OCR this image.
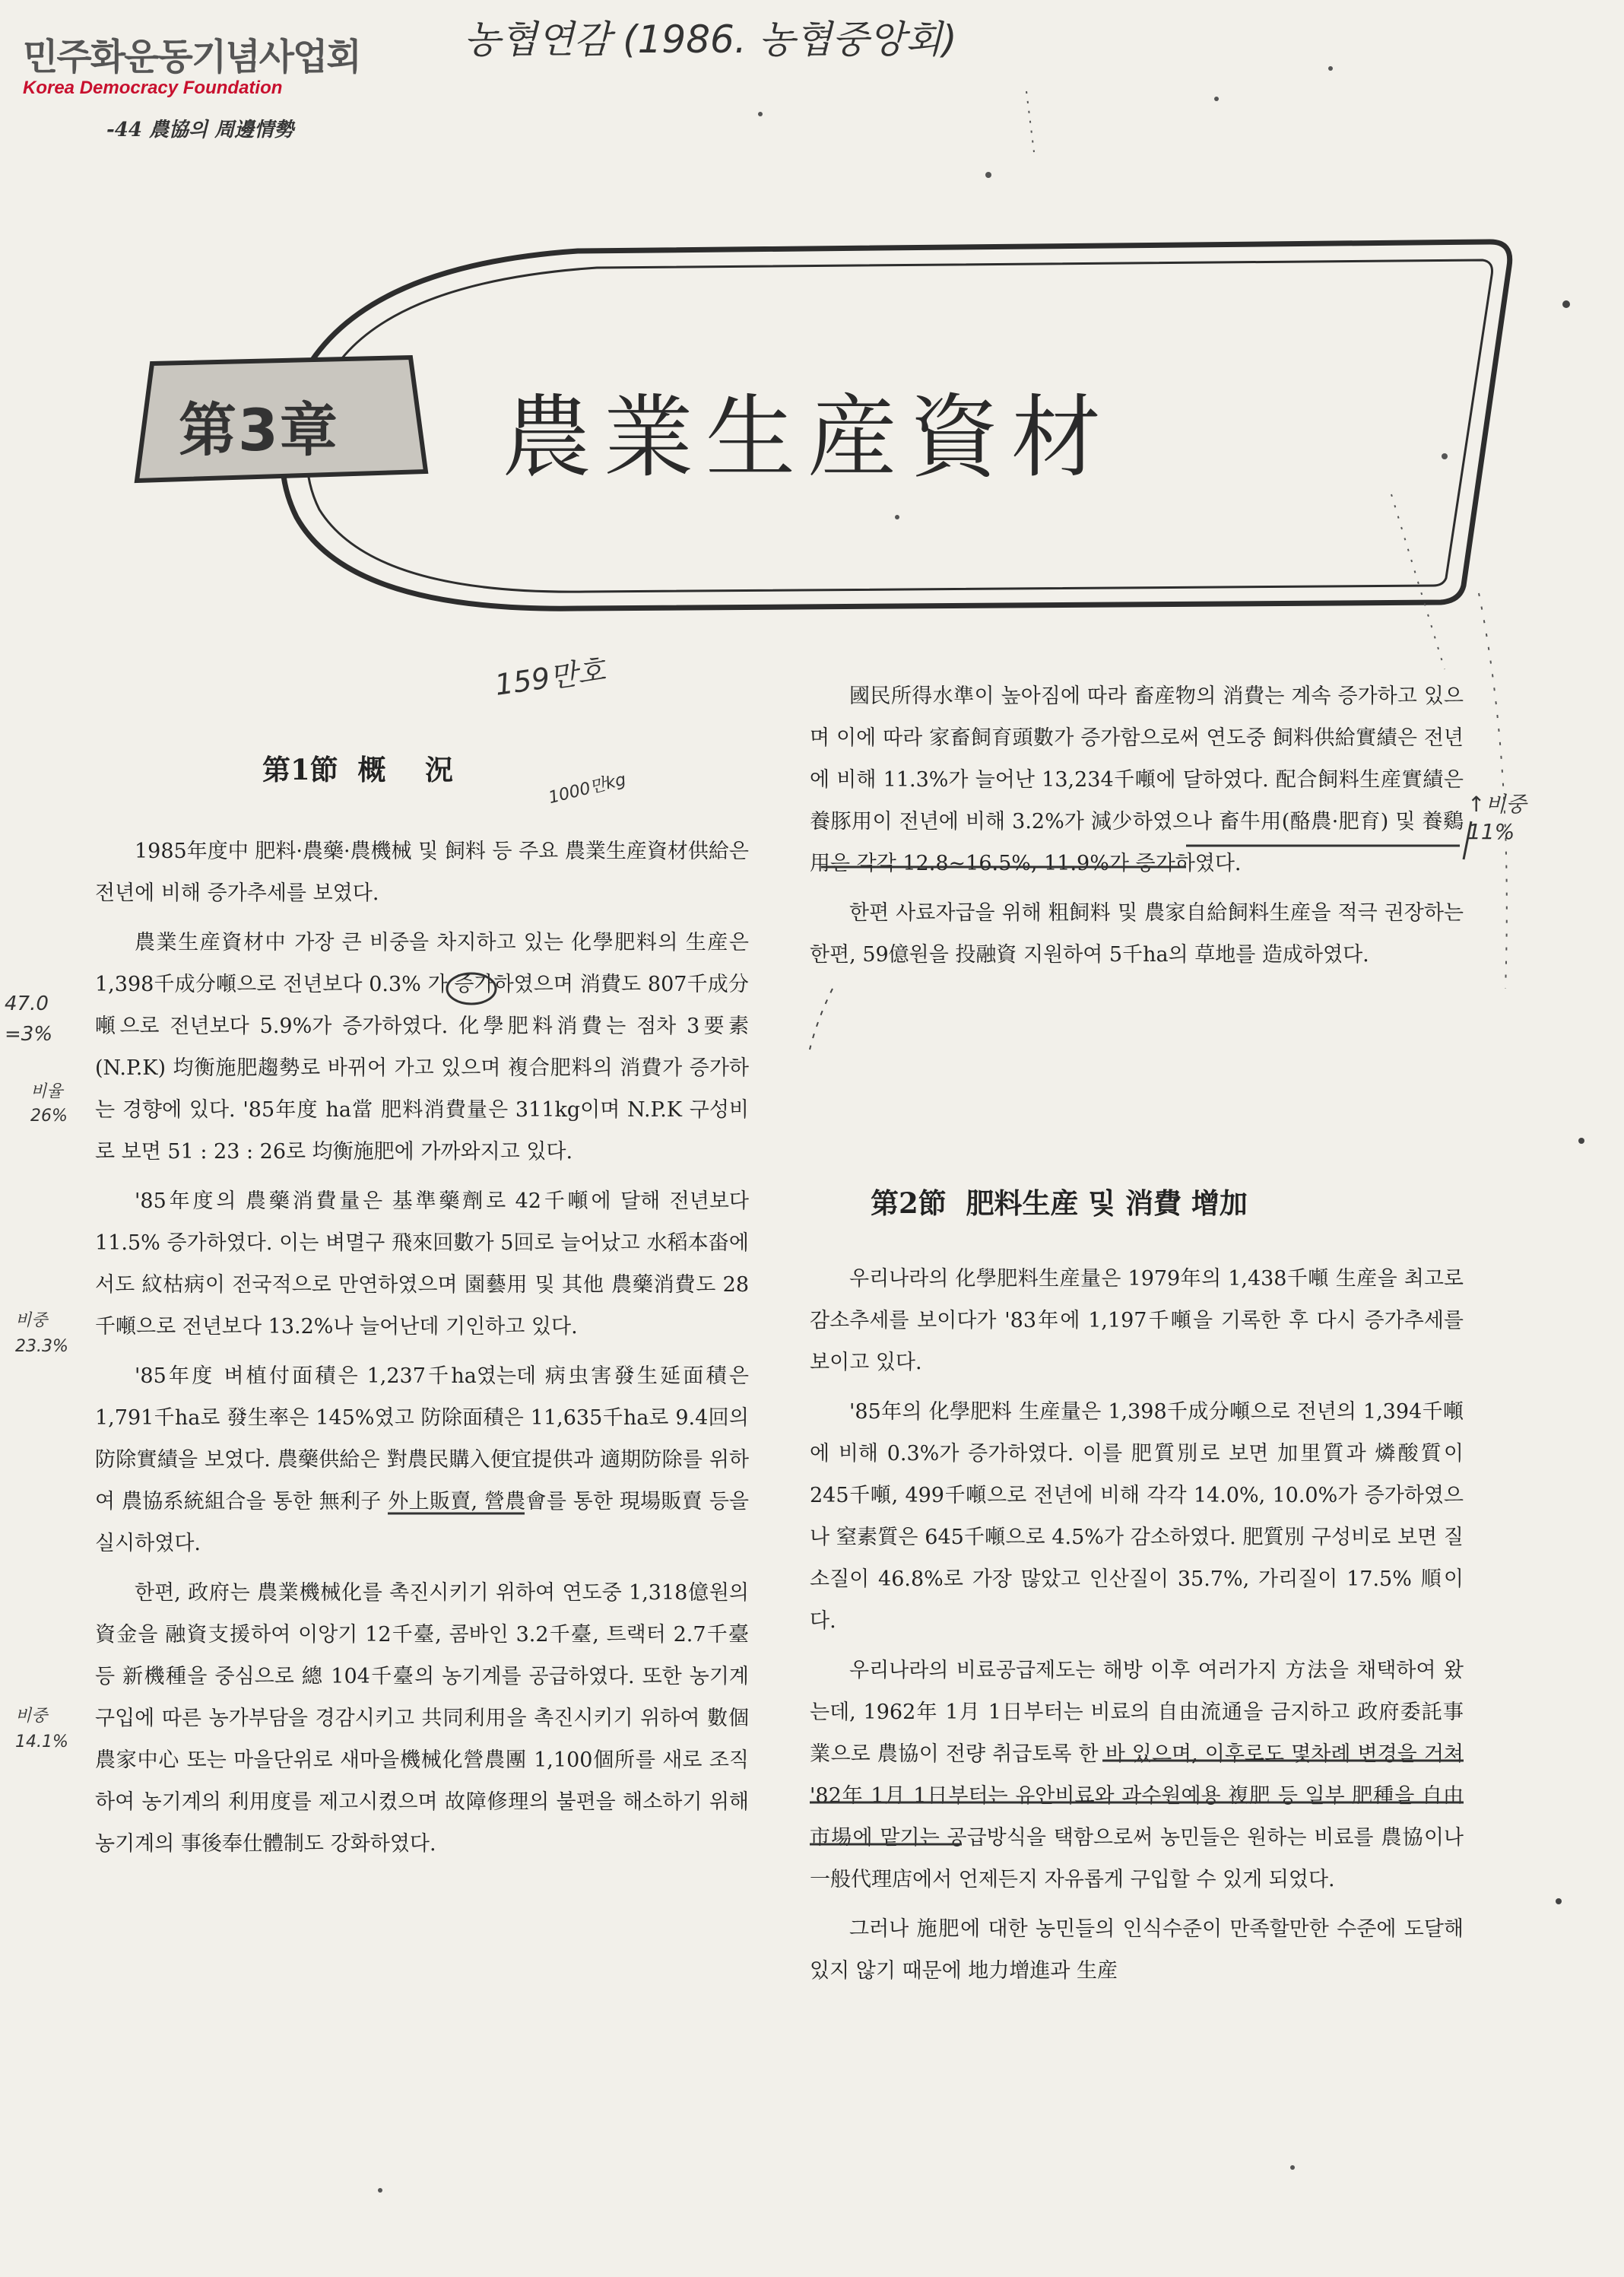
민주화운동기념사업회
Korea Democracy Foundation
농협연감 (1986. 농협중앙회)
-44 農協의 周邊情勢
第3章 農業生産資材
第1節  概    況

1985年度中 肥料·農藥·農機械 및 飼料 등 주요 農業生産資材供給은 전년에 비해 증가추세를 보였다.

農業生産資材中 가장 큰 비중을 차지하고 있는 化學肥料의 生産은 1,398千成分噸으로 전년보다 0.3% 가 증가하였으며 消費도 807千成分噸으로 전년보다 5.9%가 증가하였다. 化學肥料消費는 점차 3要素(N.P.K) 均衡施肥趨勢로 바뀌어 가고 있으며 複合肥料의 消費가 증가하는 경향에 있다. '85年度 ha當 肥料消費量은 311kg이며 N.P.K 구성비로 보면 51 : 23 : 26로 均衡施肥에 가까와지고 있다.

'85年度의 農藥消費量은 基準藥劑로 42千噸에 달해 전년보다 11.5% 증가하였다. 이는 벼멸구 飛來回數가 5回로 늘어났고 水稻本畓에서도 紋枯病이 전국적으로 만연하였으며 園藝用 및 其他 農藥消費도 28千噸으로 전년보다 13.2%나 늘어난데 기인하고 있다.

'85年度 벼植付面積은 1,237千ha였는데 病虫害發生延面積은 1,791千ha로 發生率은 145%였고 防除面積은 11,635千ha로 9.4回의 防除實績을 보였다. 農藥供給은 對農民購入便宜提供과 適期防除를 위하여 農協系統組合을 통한 無利子 外上販賣, 營農會를 통한 現場販賣 등을 실시하였다.

한편, 政府는 農業機械化를 촉진시키기 위하여 연도중 1,318億원의 資金을 融資支援하여 이앙기 12千臺, 콤바인 3.2千臺, 트랙터 2.7千臺 등 新機種을 중심으로 總 104千臺의 농기계를 공급하였다. 또한 농기계구입에 따른 농가부담을 경감시키고 共同利用을 촉진시키기 위하여 數個農家中心 또는 마을단위로 새마을機械化營農團 1,100個所를 새로 조직하여 농기계의 利用度를 제고시켰으며 故障修理의 불편을 해소하기 위해 농기계의 事後奉仕體制도 강화하였다.

國民所得水準이 높아짐에 따라 畜産物의 消費는 계속 증가하고 있으며 이에 따라 家畜飼育頭數가 증가함으로써 연도중 飼料供給實績은 전년에 비해 11.3%가 늘어난 13,234千噸에 달하였다. 配合飼料生産實績은 養豚用이 전년에 비해 3.2%가 減少하였으나 畜牛用(酪農·肥育) 및 養鷄用은 각각 12.8~16.5%, 11.9%가 증가하였다.

한편 사료자급을 위해 粗飼料 및 農家自給飼料生産을 적극 권장하는 한편, 59億원을 投融資 지원하여 5千ha의 草地를 造成하였다.

第2節  肥料生産 및 消費 增加

우리나라의 化學肥料生産量은 1979年의 1,438千噸 生産을 최고로 감소추세를 보이다가 '83年에 1,197千噸을 기록한 후 다시 증가추세를 보이고 있다.

'85年의 化學肥料 生産量은 1,398千成分噸으로 전년의 1,394千噸에 비해 0.3%가 증가하였다. 이를 肥質別로 보면 加里質과 燐酸質이 245千噸, 499千噸으로 전년에 비해 각각 14.0%, 10.0%가 증가하였으나 窒素質은 645千噸으로 4.5%가 감소하였다. 肥質別 구성비로 보면 질소질이 46.8%로 가장 많았고 인산질이 35.7%, 가리질이 17.5% 順이다.

우리나라의 비료공급제도는 해방 이후 여러가지 方法을 채택하여 왔는데, 1962年 1月 1日부터는 비료의 自由流通을 금지하고 政府委託事業으로 農協이 전량 취급토록 한 바 있으며, 이후로도 몇차례 변경을 거쳐 '82年 1月 1日부터는 유안비료와 과수원예용 複肥 등 일부 肥種을 自由市場에 맡기는 공급방식을 택함으로써 농민들은 원하는 비료를 農協이나 一般代理店에서 언제든지 자유롭게 구입할 수 있게 되었다.

그러나 施肥에 대한 농민들의 인식수준이 만족할만한 수준에 도달해 있지 않기 때문에 地力增進과 生産

159만호
1000만kg	↑비중 11%
47.0 =3%
비율 26%
비중 23.3%
비중 14.1%
